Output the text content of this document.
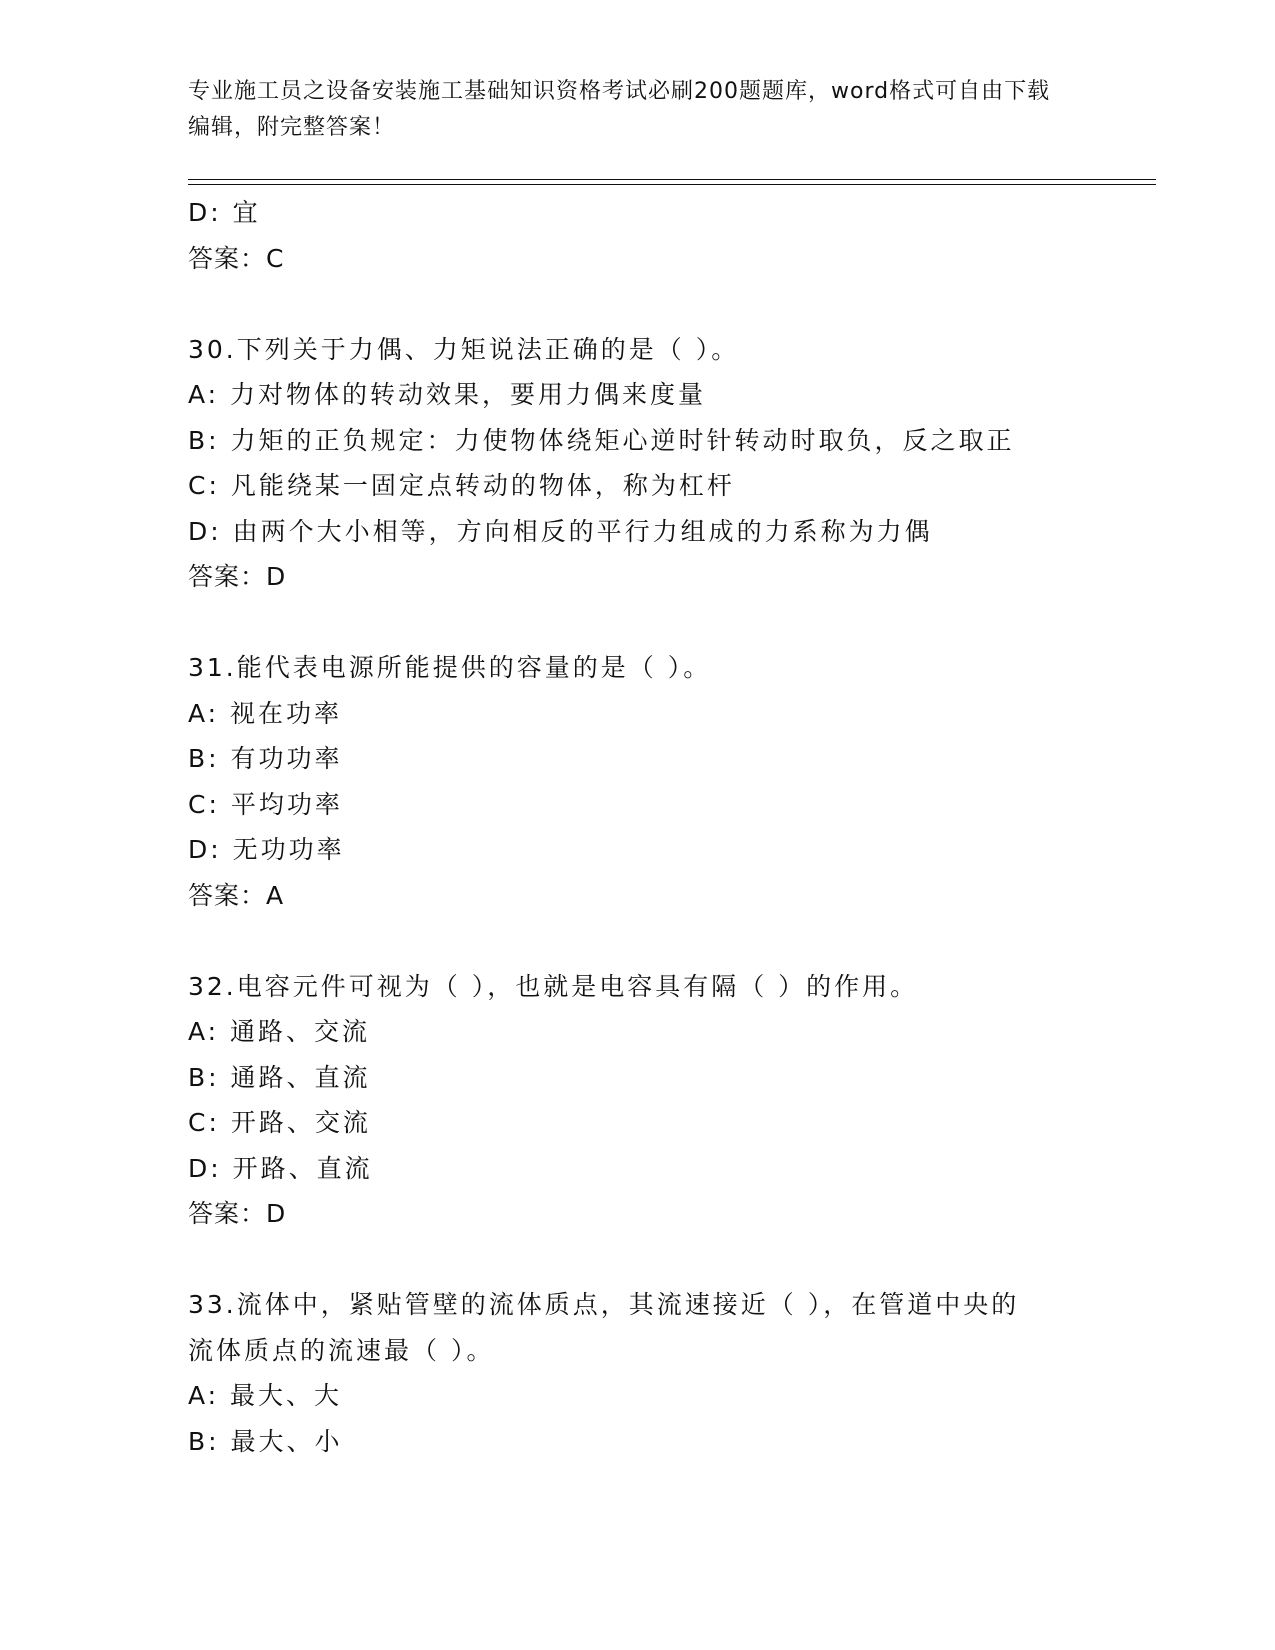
专业施工员之设备安装施工基础知识资格考试必刷200题题库，word格式可自由下载编辑，附完整答案！
D: 宜
答案：C
30.下列关于力偶、力矩说法正确的是（ ）。
A: 力对物体的转动效果，要用力偶来度量
B: 力矩的正负规定：力使物体绕矩心逆时针转动时取负，反之取正
C: 凡能绕某一固定点转动的物体，称为杠杆
D: 由两个大小相等，方向相反的平行力组成的力系称为力偶
答案：D
31.能代表电源所能提供的容量的是（ ）。
A: 视在功率
B: 有功功率
C: 平均功率
D: 无功功率
答案：A
32.电容元件可视为（ ），也就是电容具有隔（ ）的作用。
A: 通路、交流
B: 通路、直流
C: 开路、交流
D: 开路、直流
答案：D
33.流体中，紧贴管壁的流体质点，其流速接近（ ），在管道中央的
流体质点的流速最（ ）。
A: 最大、大
B: 最大、小
